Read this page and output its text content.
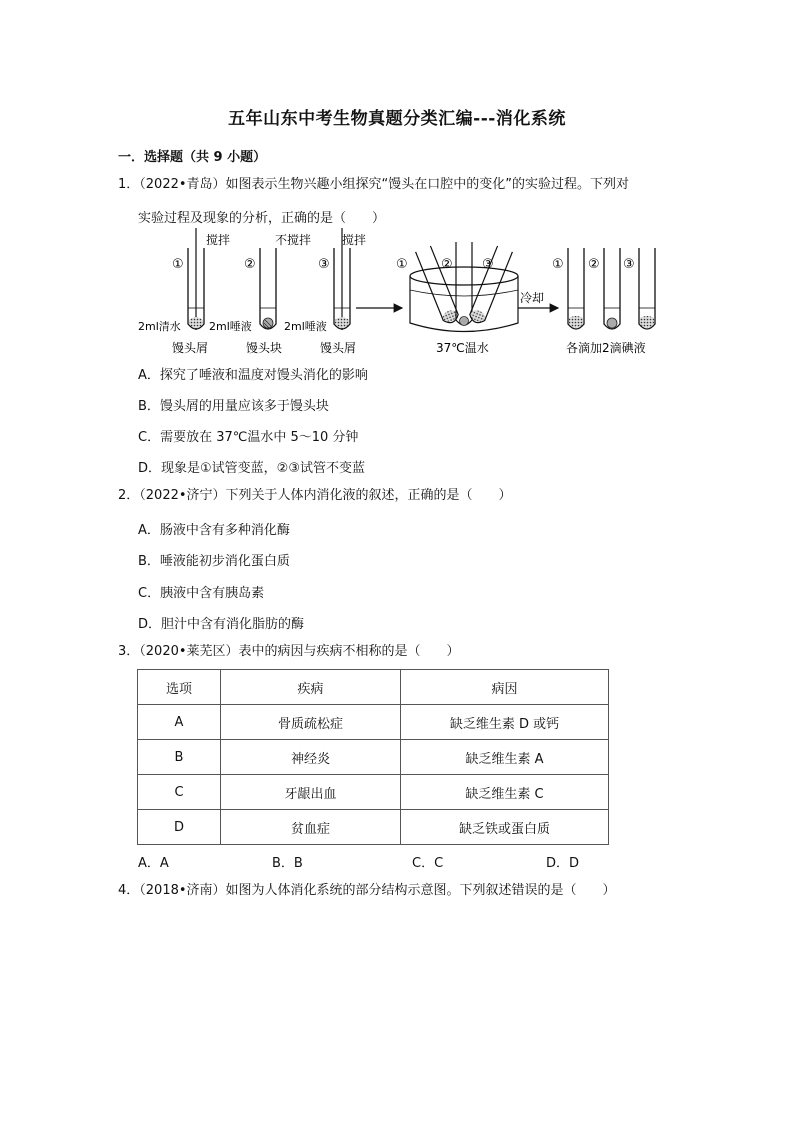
五年山东中考生物真题分类汇编---消化系统
一．选择题（共 9 小题）
1．（2022•青岛）如图表示生物兴趣小组探究“馒头在口腔中的变化”的实验过程。下列对
实验过程及现象的分析，正确的是（　　）
①
搅拌
2ml清水
馒头屑
②
不搅拌
2ml唾液
馒头块
③
搅拌
2ml唾液
馒头屑
①	② ③
37℃温水
冷却
① ② ③
各滴加2滴碘液
A．探究了唾液和温度对馒头消化的影响
B．馒头屑的用量应该多于馒头块
C．需要放在 37℃温水中 5～10 分钟
D．现象是①试管变蓝，②③试管不变蓝
2．（2022•济宁）下列关于人体内消化液的叙述，正确的是（　　）
A．肠液中含有多种消化酶
B．唾液能初步消化蛋白质
C．胰液中含有胰岛素
D．胆汁中含有消化脂肪的酶
3．（2020•莱芜区）表中的病因与疾病不相称的是（　　）
选项	疾病	病因
A	骨质疏松症	缺乏维生素 D 或钙
B	神经炎	缺乏维生素 A
C	牙龈出血	缺乏维生素 C
D	贫血症	缺乏铁或蛋白质
A．A	B．B	C．C	D．D
4．（2018•济南）如图为人体消化系统的部分结构示意图。下列叙述错误的是（　　）
